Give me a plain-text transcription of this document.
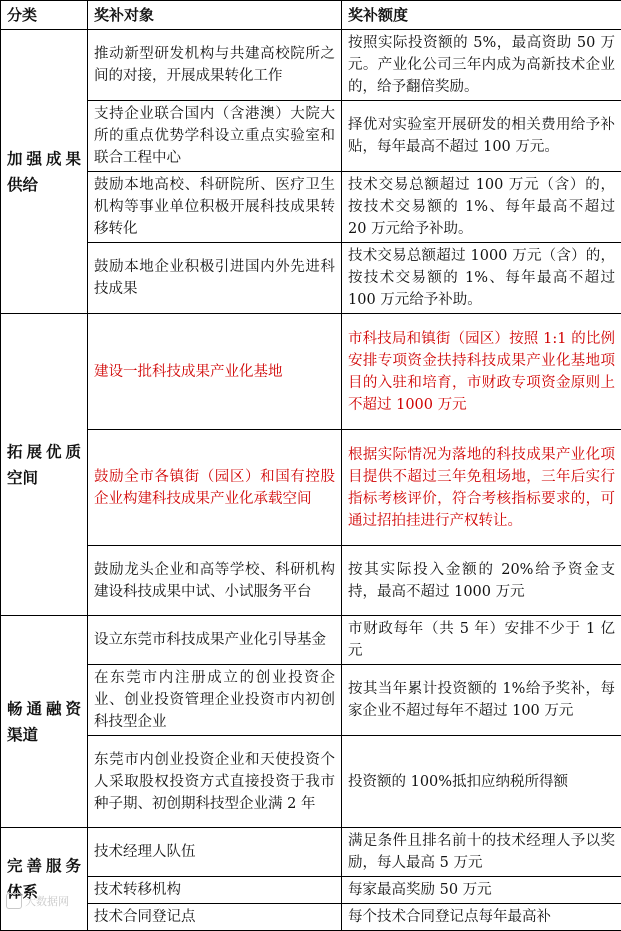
分类	奖补对象	奖补额度
加强成果供给	推动新型研发机构与共建高校院所之间的对接，开展成果转化工作	按照实际投资额的 5%，最高资助 50 万元。产业化公司三年内成为高新技术企业的，给予翻倍奖励。
	支持企业联合国内（含港澳）大院大所的重点优势学科设立重点实验室和联合工程中心	择优对实验室开展研发的相关费用给予补贴，每年最高不超过 100 万元。
	鼓励本地高校、科研院所、医疗卫生机构等事业单位积极开展科技成果转移转化	技术交易总额超过 100 万元（含）的，按技术交易额的 1%、每年最高不超过 20 万元给予补助。
	鼓励本地企业积极引进国内外先进科技成果	技术交易总额超过 1000 万元（含）的，按技术交易额的 1%、每年最高不超过 100 万元给予补助。
拓展优质空间	建设一批科技成果产业化基地	市科技局和镇街（园区）按照 1:1 的比例安排专项资金扶持科技成果产业化基地项目的入驻和培育，市财政专项资金原则上不超过 1000 万元
	鼓励全市各镇街（园区）和国有控股企业构建科技成果产业化承载空间	根据实际情况为落地的科技成果产业化项目提供不超过三年免租场地，三年后实行指标考核评价，符合考核指标要求的，可通过招拍挂进行产权转让。
	鼓励龙头企业和高等学校、科研机构建设科技成果中试、小试服务平台	按其实际投入金额的 20%给予资金支持，最高不超过 1000 万元
畅通融资渠道	设立东莞市科技成果产业化引导基金	市财政每年（共 5 年）安排不少于 1 亿元
	在东莞市内注册成立的创业投资企业、创业投资管理企业投资市内初创科技型企业	按其当年累计投资额的 1%给予奖补，每家企业不超过每年不超过 100 万元
	东莞市内创业投资企业和天使投资个人采取股权投资方式直接投资于我市种子期、初创期科技型企业满 2 年	投资额的 100%抵扣应纳税所得额
完善服务体系	技术经理人队伍	满足条件且排名前十的技术经理人予以奖励，每人最高 5 万元
	技术转移机构	每家最高奖励 50 万元
	技术合同登记点	每个技术合同登记点每年最高补
大数据网
